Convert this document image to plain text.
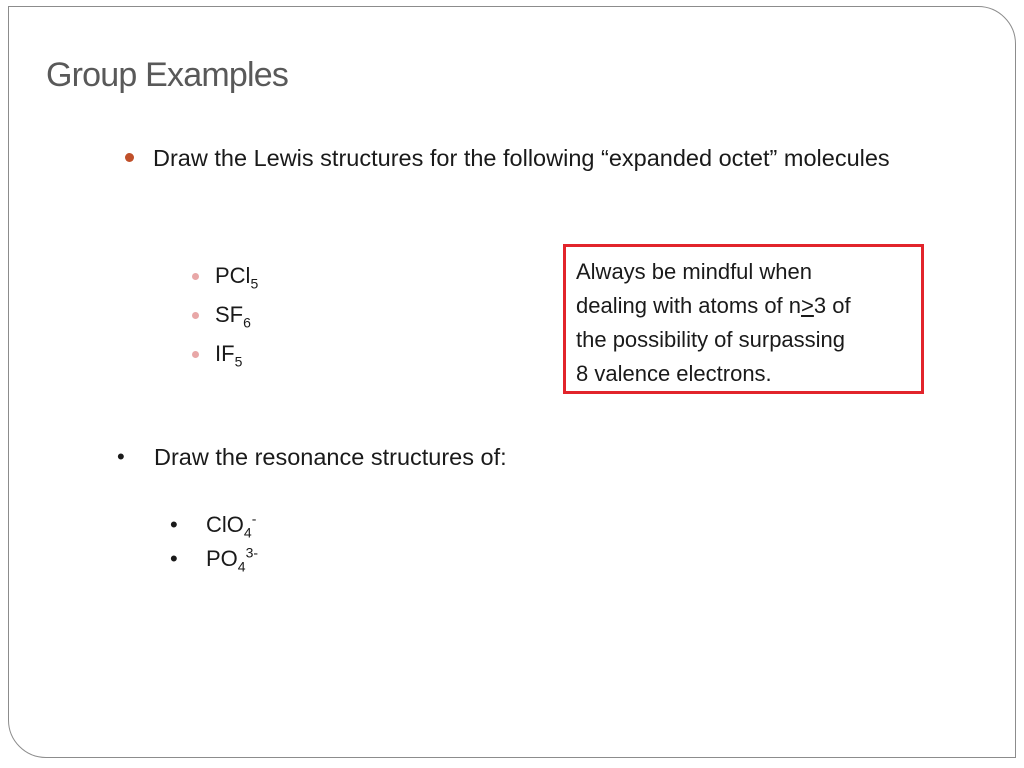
Group Examples
Draw the Lewis structures for the following “expanded octet” molecules
PCl$_5$
$SF_6$
$IF_5$
Always be mindful when
dealing with atoms of n≥3 of
the possibility of surpassing
8 valence electrons.
• Draw the resonance structures of:
• ClO$_4$-
• $PO_4^{3-}$
